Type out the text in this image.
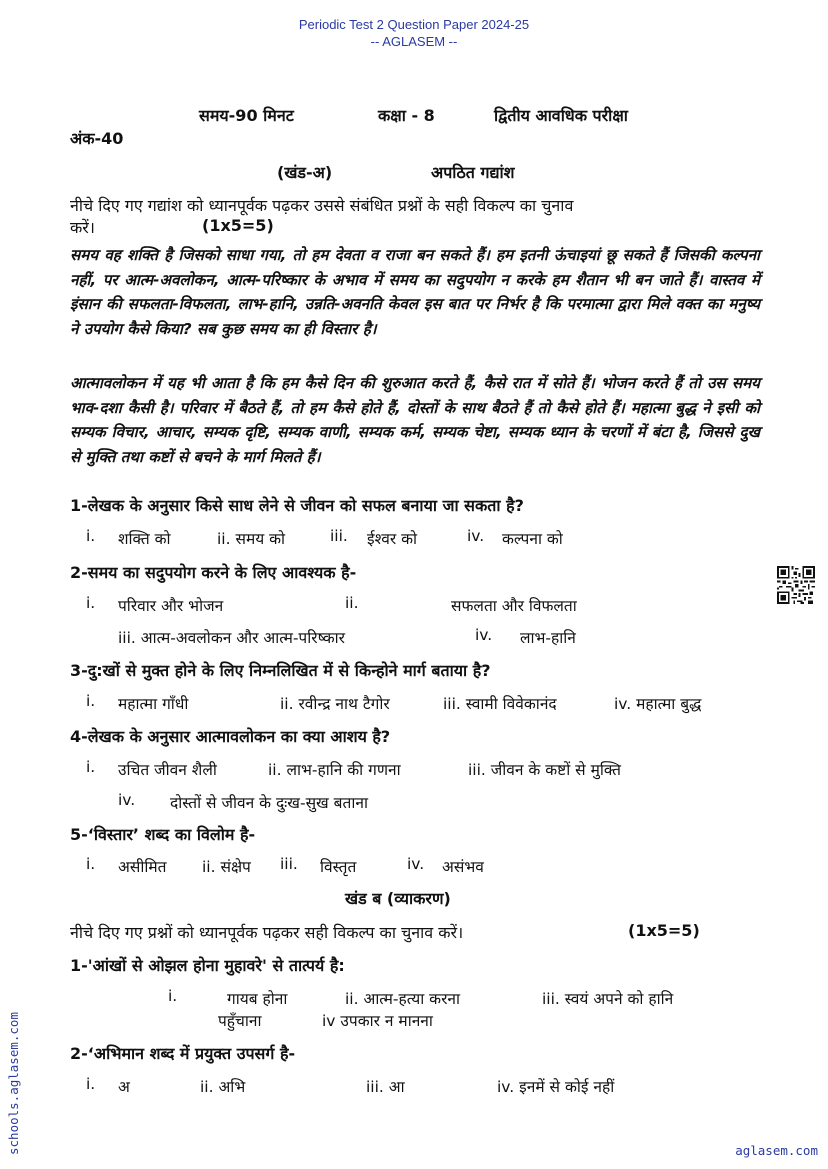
Periodic Test 2 Question Paper 2024-25
-- AGLASEM --
समय-90 मिनट	कक्षा - 8	द्वितीय आवधिक परीक्षा
अंक-40
(खंड-अ)	अपठित गद्यांश
नीचे दिए गए गद्यांश को ध्यानपूर्वक पढ़कर उससे संबंधित प्रश्नों के सही विकल्प का चुनाव
करें।	(1x5=5)
समय वह शक्ति है जिसको साधा गया, तो हम देवता व राजा बन सकते हैं। हम इतनी ऊंचाइयां छू सकते हैं जिसकी कल्पना नहीं, पर आत्म-अवलोकन, आत्म-परिष्कार के अभाव में समय का सदुपयोग न करके हम शैतान भी बन जाते हैं। वास्तव में इंसान की सफलता-विफलता, लाभ-हानि, उन्नति-अवनति केवल इस बात पर निर्भर है कि परमात्मा द्वारा मिले वक्त का मनुष्य ने उपयोग कैसे किया? सब कुछ समय का ही विस्तार है।
आत्मावलोकन में यह भी आता है कि हम कैसे दिन की शुरुआत करते हैं, कैसे रात में सोते हैं। भोजन करते हैं तो उस समय भाव-दशा कैसी है। परिवार में बैठते हैं, तो हम कैसे होते हैं, दोस्तों के साथ बैठते हैं तो कैसे होते हैं। महात्मा बुद्ध ने इसी को सम्यक विचार, आचार, सम्यक दृष्टि, सम्यक वाणी, सम्यक कर्म, सम्यक चेष्टा, सम्यक ध्यान के चरणों में बंटा है, जिससे दुख से मुक्ति तथा कष्टों से बचने के मार्ग मिलते हैं।
1-लेखक के अनुसार किसे साध लेने से जीवन को सफल बनाया जा सकता है?
i. शक्ति को	ii. समय को	iii. ईश्वर को	iv. कल्पना को
2-समय का सदुपयोग करने के लिए आवश्यक है-
i. परिवार और भोजन	ii.	सफलता और विफलता
iii. आत्म-अवलोकन और आत्म-परिष्कार	iv. लाभ-हानि
3-दु:खों से मुक्त होने के लिए निम्नलिखित में से किन्होने मार्ग बताया है?
i. महात्मा गाँधी	ii. रवीन्द्र नाथ टैगोर	iii. स्वामी विवेकानंद	iv. महात्मा बुद्ध
4-लेखक के अनुसार आत्मावलोकन का क्या आशय है?
i. उचित जीवन शैली	ii. लाभ-हानि की गणना	iii. जीवन के कष्टों से मुक्ति
iv. दोस्तों से जीवन के दुःख-सुख बताना
5-‘विस्तार’ शब्द का विलोम है-
i. असीमित ii. संक्षेप iii. विस्तृत	iv. असंभव
खंड ब (व्याकरण)
नीचे दिए गए प्रश्नों को ध्यानपूर्वक पढ़कर सही विकल्प का चुनाव करें।	(1x5=5)
1-'आंखों से ओझल होना मुहावरे' से तात्पर्य है:
i.	गायब होना	ii. आत्म-हत्या करना	iii. स्वयं अपने को हानि
पहुँचाना	iv उपकार न मानना
2-‘अभिमान शब्द में प्रयुक्त उपसर्ग है-
i. अ	ii. अभि	iii. आ	iv. इनमें से कोई नहीं
schools.aglasem.com	aglasem.com
